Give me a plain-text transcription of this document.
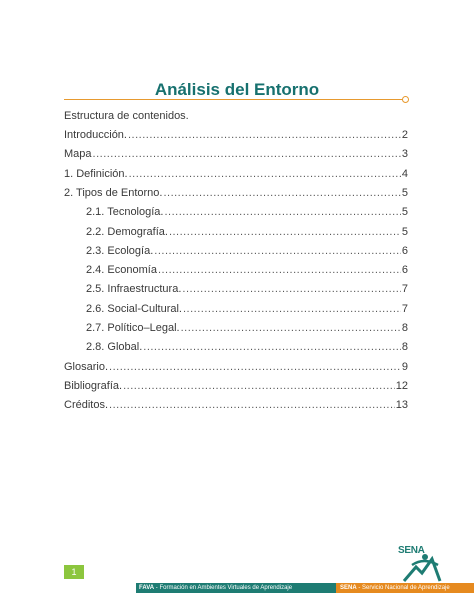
Análisis del Entorno
Estructura de contenidos.
Introducción. .....	2
Mapa .....	3
1. Definición. .....	4
2. Tipos de Entorno. .....	5
2.1. Tecnología. .....	5
2.2. Demografía. .....	5
2.3. Ecología. .....	6
2.4. Economía .....	6
2.5. Infraestructura. .....	7
2.6. Social-Cultural. .....	7
2.7. Político–Legal. .....	8
2.8. Global. .....	8
Glosario. .....	9
Bibliografía. .....	12
Créditos. .....	13
1
FAVA - Formación en Ambientes Virtuales de Aprendizaje	SENA - Servicio Nacional de Aprendizaje
SENA
